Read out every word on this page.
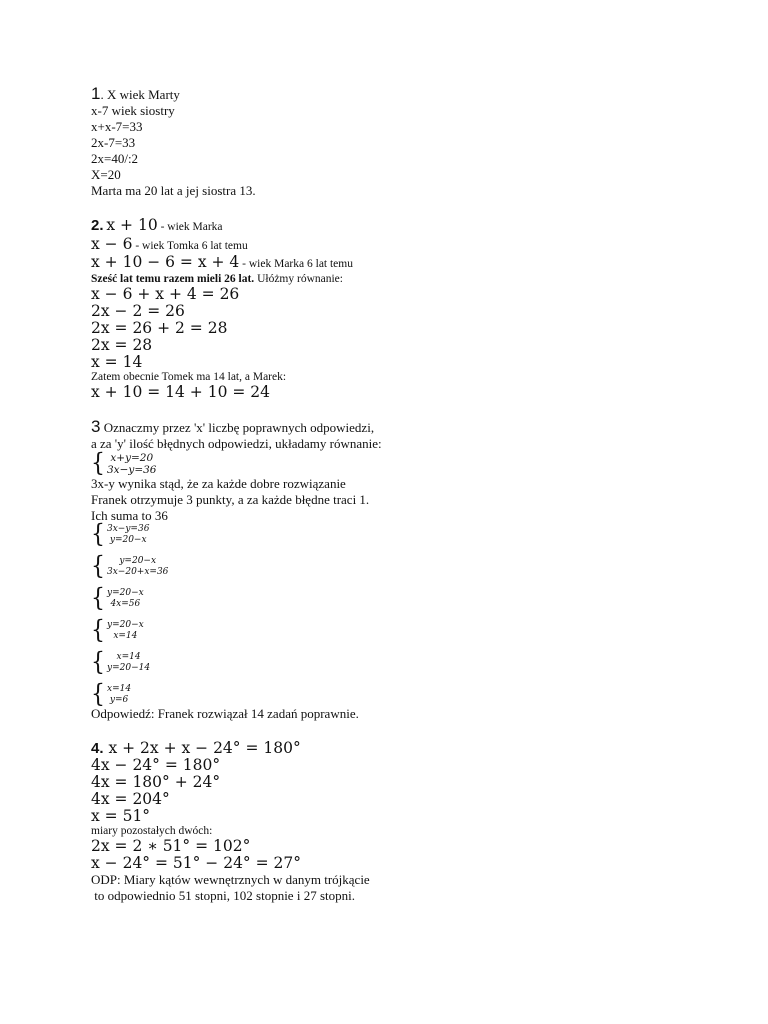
1. X wiek Marty
x-7 wiek siostry
x+x-7=33
2x-7=33
2x=40/:2
X=20
Marta ma 20 lat a jej siostra 13.
2. x + 10 - wiek Marka
x − 6 - wiek Tomka 6 lat temu
x + 10 − 6 = x + 4 - wiek Marka 6 lat temu
Sześć lat temu razem mieli 26 lat. Ułóżmy równanie:
x − 6 + x + 4 = 26
2x − 2 = 26
2x = 26 + 2 = 28
2x = 28
x = 14
Zatem obecnie Tomek ma 14 lat, a Marek:
x + 10 = 14 + 10 = 24
3 Oznaczmy przez 'x' liczbę poprawnych odpowiedzi,
a za 'y' ilość błędnych odpowiedzi, układamy równanie:
{ x+y=20
3x−y=36
3x-y wynika stąd, że za każde dobre rozwiązanie
Franek otrzymuje 3 punkty, a za każde błędne traci 1.
Ich suma to 36
{ 3x−y=36
y=20−x
{	y=20−x
3x−20+x=36
{ y=20−x
4x=56
{ y=20−x
x=14
{	x=14
y=20−14
{ x=14
y=6
Odpowiedź: Franek rozwiązał 14 zadań poprawnie.
4. x + 2x + x − 24° = 180°
4x − 24° = 180°
4x = 180° + 24°
4x = 204°
x = 51°
miary pozostałych dwóch:
2x = 2 ∗ 51° = 102°
x − 24° = 51° − 24° = 27°
ODP: Miary kątów wewnętrznych w danym trójkącie
to odpowiednio 51 stopni, 102 stopnie i 27 stopni.
